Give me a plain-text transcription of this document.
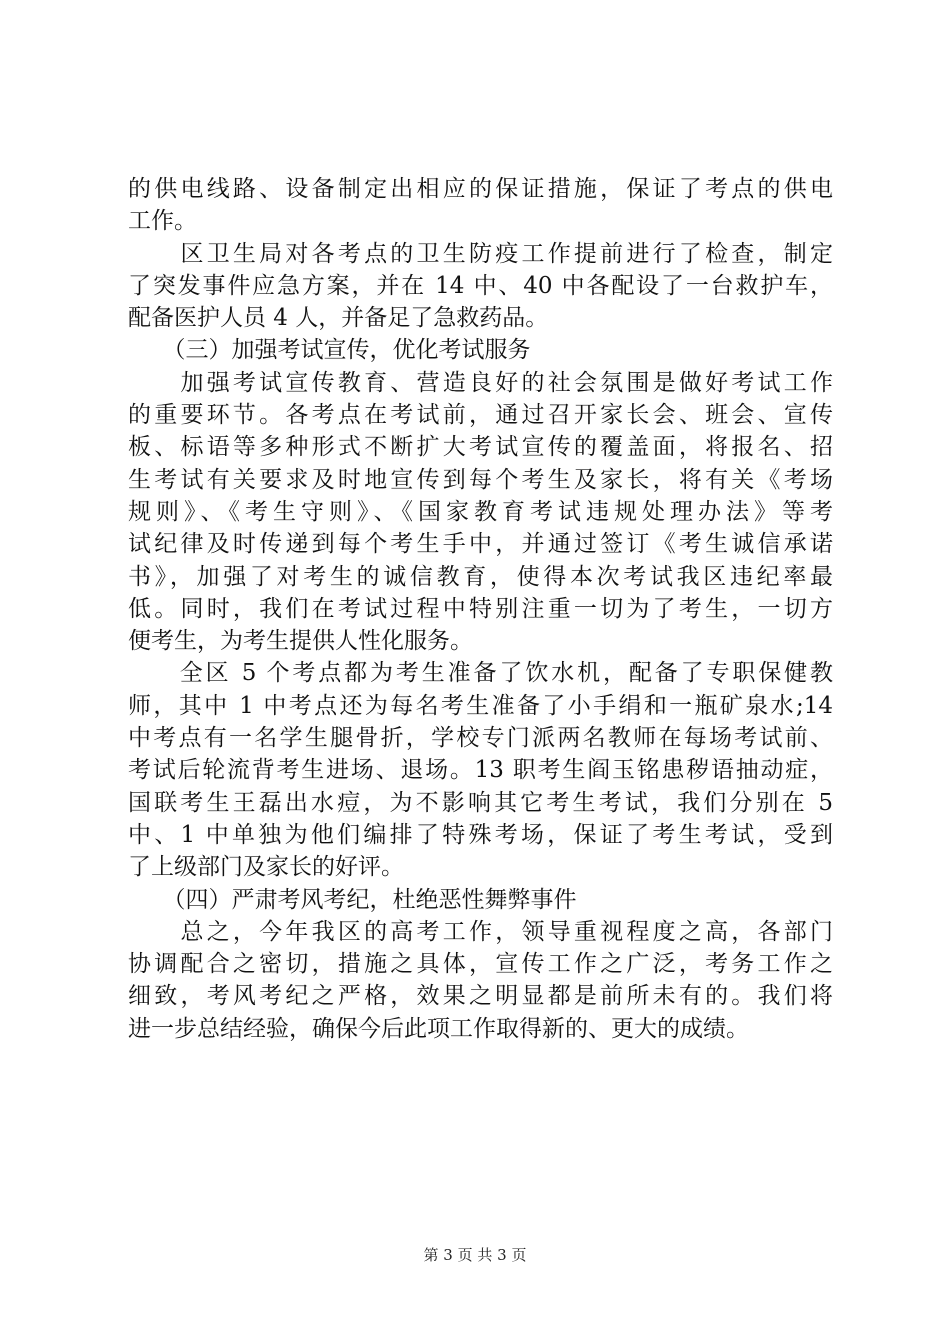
的供电线路、设备制定出相应的保证措施，保证了考点的供电
工作。
　　区卫生局对各考点的卫生防疫工作提前进行了检查，制定
了突发事件应急方案，并在 14 中、40 中各配设了一台救护车，
配备医护人员 4 人，并备足了急救药品。
　　（三）加强考试宣传，优化考试服务
　　加强考试宣传教育、营造良好的社会氛围是做好考试工作
的重要环节。各考点在考试前，通过召开家长会、班会、宣传
板、标语等多种形式不断扩大考试宣传的覆盖面，将报名、招
生考试有关要求及时地宣传到每个考生及家长，将有关《考场
规则》、《考生守则》、《国家教育考试违规处理办法》等考
试纪律及时传递到每个考生手中，并通过签订《考生诚信承诺
书》，加强了对考生的诚信教育，使得本次考试我区违纪率最
低。同时，我们在考试过程中特别注重一切为了考生，一切方
便考生，为考生提供人性化服务。
　　全区 5 个考点都为考生准备了饮水机，配备了专职保健教
师，其中 1 中考点还为每名考生准备了小手绢和一瓶矿泉水;14
中考点有一名学生腿骨折，学校专门派两名教师在每场考试前、
考试后轮流背考生进场、退场。13 职考生阎玉铭患秽语抽动症，
国联考生王磊出水痘，为不影响其它考生考试，我们分别在 5
中、1 中单独为他们编排了特殊考场，保证了考生考试，受到
了上级部门及家长的好评。
　　（四）严肃考风考纪，杜绝恶性舞弊事件
　　总之，今年我区的高考工作，领导重视程度之高，各部门
协调配合之密切，措施之具体，宣传工作之广泛，考务工作之
细致，考风考纪之严格，效果之明显都是前所未有的。我们将
进一步总结经验，确保今后此项工作取得新的、更大的成绩。
第 3 页 共 3 页
